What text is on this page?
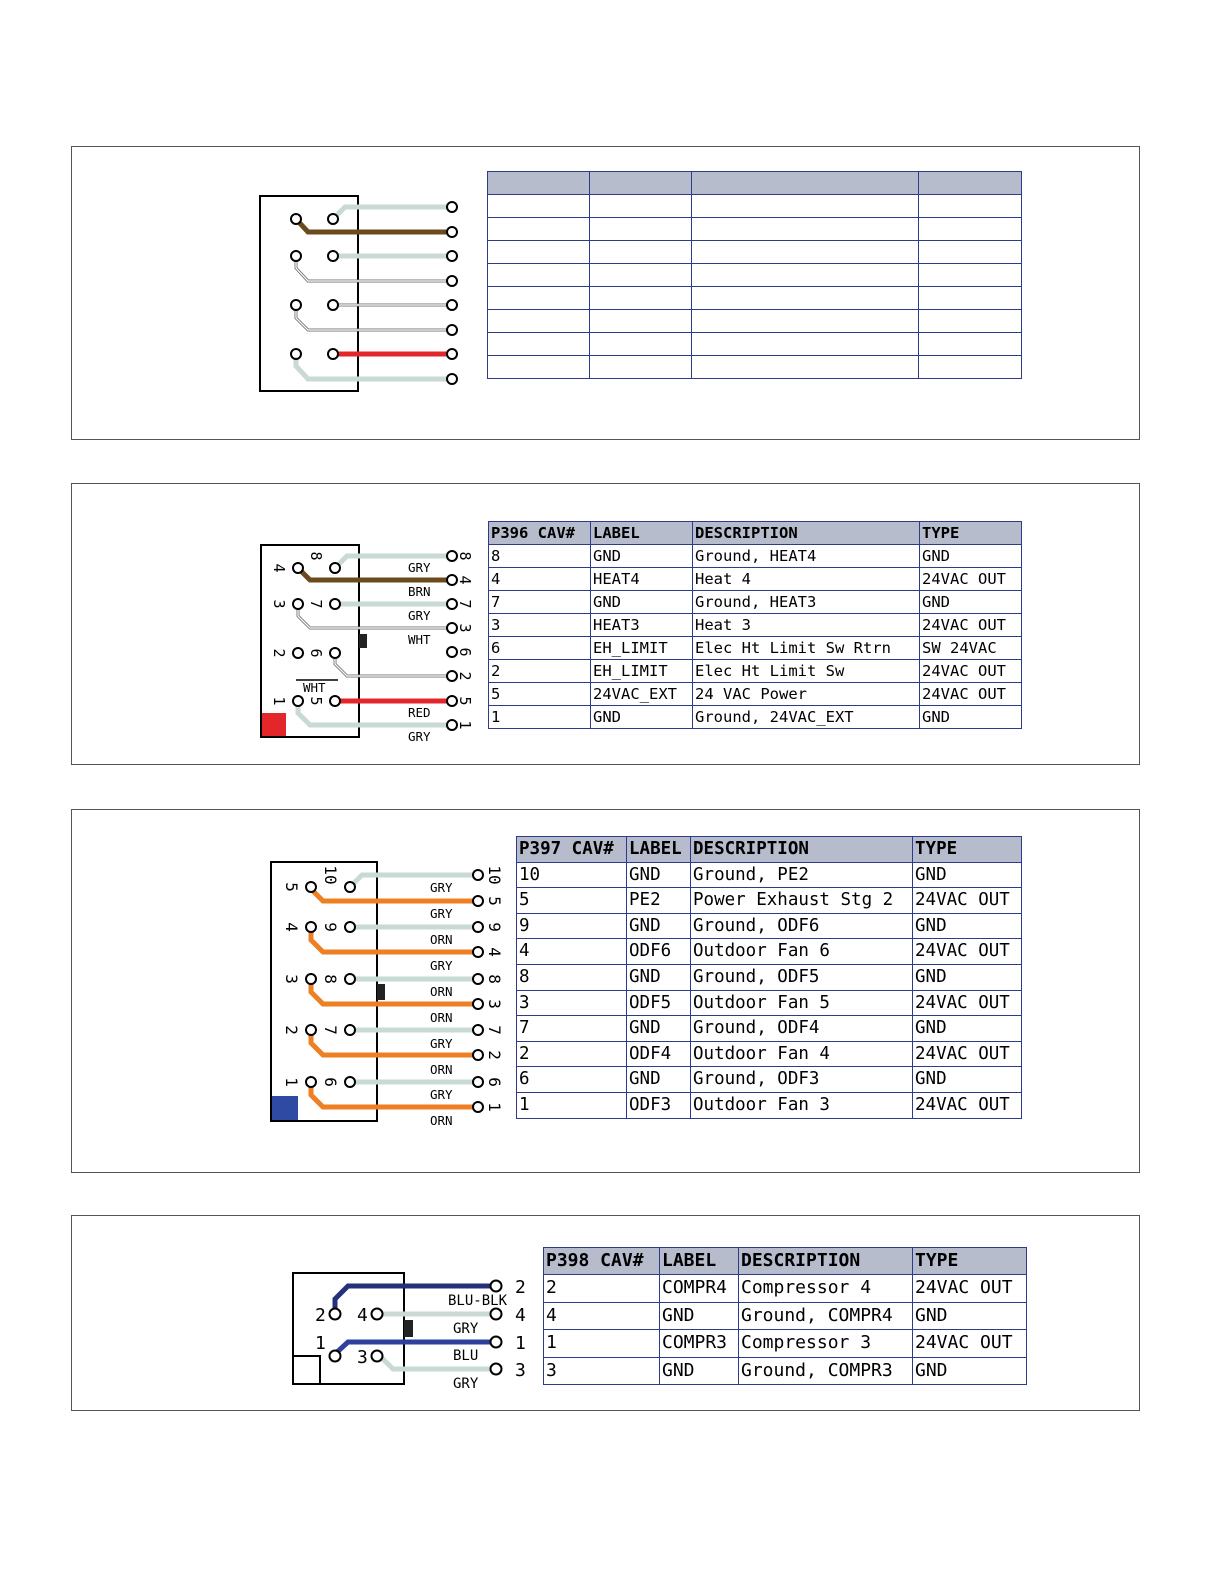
GRY
BRN
GRY
WHT
RED
GRY
WHT
8
4
7
3
6
2
5
1
8
4
7
3
6
2
5
1
P396 CAV#	LABEL	DESCRIPTION	TYPE
8	GND	Ground, HEAT4	GND
4	HEAT4	Heat 4	24VAC OUT
7	GND	Ground, HEAT3	GND
3	HEAT3	Heat 3	24VAC OUT
6	EH_LIMIT	Elec Ht Limit Sw Rtrn	SW 24VAC
2	EH_LIMIT	Elec Ht Limit Sw	24VAC OUT
5	24VAC_EXT	24 VAC Power	24VAC OUT
1	GND	Ground, 24VAC_EXT	GND
GRY
GRY
ORN
GRY
ORN
ORN
GRY
ORN
GRY
ORN
10
5
9
4
8
3
7
2
6
1
10
5
9
4
8
3
7
2
6
1
P397 CAV#	LABEL	DESCRIPTION	TYPE
10	GND	Ground, PE2	GND
5	PE2	Power Exhaust Stg 2	24VAC OUT
9	GND	Ground, ODF6	GND
4	ODF6	Outdoor Fan 6	24VAC OUT
8	GND	Ground, ODF5	GND
3	ODF5	Outdoor Fan 5	24VAC OUT
7	GND	Ground, ODF4	GND
2	ODF4	Outdoor Fan 4	24VAC OUT
6	GND	Ground, ODF3	GND
1	ODF3	Outdoor Fan 3	24VAC OUT
BLU-BLK
GRY
BLU
GRY
2
4
1
3
2 4
1
3
P398 CAV#	LABEL	DESCRIPTION	TYPE
2	COMPR4	Compressor 4	24VAC OUT
4	GND	Ground, COMPR4	GND
1	COMPR3	Compressor 3	24VAC OUT
3	GND	Ground, COMPR3	GND
